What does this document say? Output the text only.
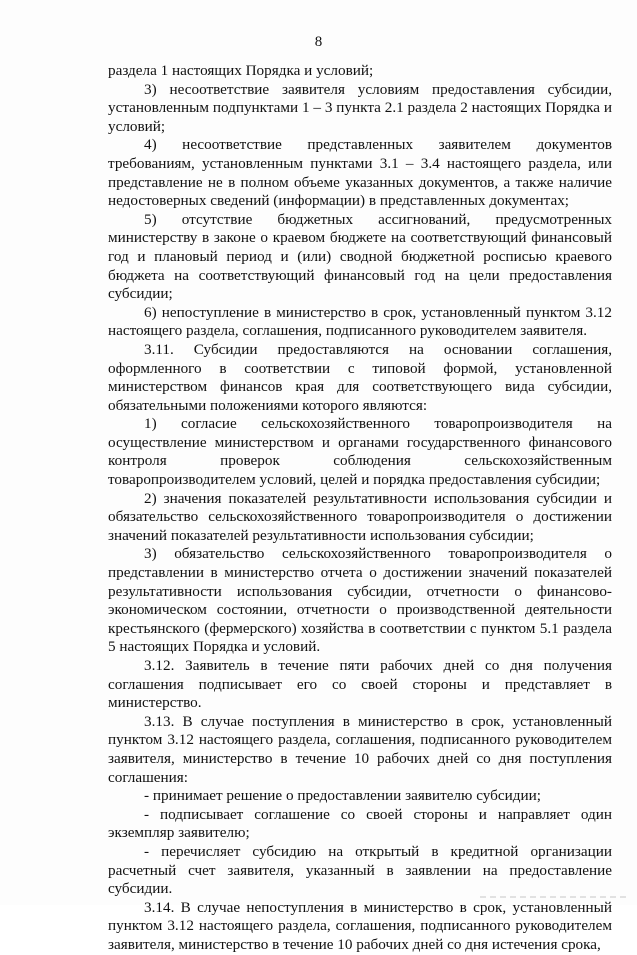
8

раздела 1 настоящих Порядка и условий;

3) несоответствие заявителя условиям предоставления субсидии, установленным подпунктами 1 – 3 пункта 2.1 раздела 2 настоящих Порядка и условий;

4) несоответствие представленных заявителем документов требованиям, установленным пунктами 3.1 – 3.4 настоящего раздела, или представление не в полном объеме указанных документов, а также наличие недостоверных сведений (информации) в представленных документах;

5) отсутствие бюджетных ассигнований, предусмотренных министерству в законе о краевом бюджете на соответствующий финансовый год и плановый период и (или) сводной бюджетной росписью краевого бюджета на соответствующий финансовый год на цели предоставления субсидии;

6) непоступление в министерство в срок, установленный пунктом 3.12 настоящего раздела, соглашения, подписанного руководителем заявителя.

3.11. Субсидии предоставляются на основании соглашения, оформленного в соответствии с типовой формой, установленной министерством финансов края для соответствующего вида субсидии, обязательными положениями которого являются:

1) согласие сельскохозяйственного товаропроизводителя на осуществление министерством и органами государственного финансового контроля проверок соблюдения сельскохозяйственным товаропроизводителем условий, целей и порядка предоставления субсидии;

2) значения показателей результативности использования субсидии и обязательство сельскохозяйственного товаропроизводителя о достижении значений показателей результативности использования субсидии;

3) обязательство сельскохозяйственного товаропроизводителя о представлении в министерство отчета о достижении значений показателей результативности использования субсидии, отчетности о финансово-экономическом состоянии, отчетности о производственной деятельности крестьянского (фермерского) хозяйства в соответствии с пунктом 5.1 раздела 5 настоящих Порядка и условий.

3.12. Заявитель в течение пяти рабочих дней со дня получения соглашения подписывает его со своей стороны и представляет в министерство.

3.13. В случае поступления в министерство в срок, установленный пунктом 3.12 настоящего раздела, соглашения, подписанного руководителем заявителя, министерство в течение 10 рабочих дней со дня поступления соглашения:

- принимает решение о предоставлении заявителю субсидии;

- подписывает соглашение со своей стороны и направляет один экземпляр заявителю;

- перечисляет субсидию на открытый в кредитной организации расчетный счет заявителя, указанный в заявлении на предоставление субсидии.

3.14. В случае непоступления в министерство в срок, установленный пунктом 3.12 настоящего раздела, соглашения, подписанного руководителем заявителя, министерство в течение 10 рабочих дней со дня истечения срока,
